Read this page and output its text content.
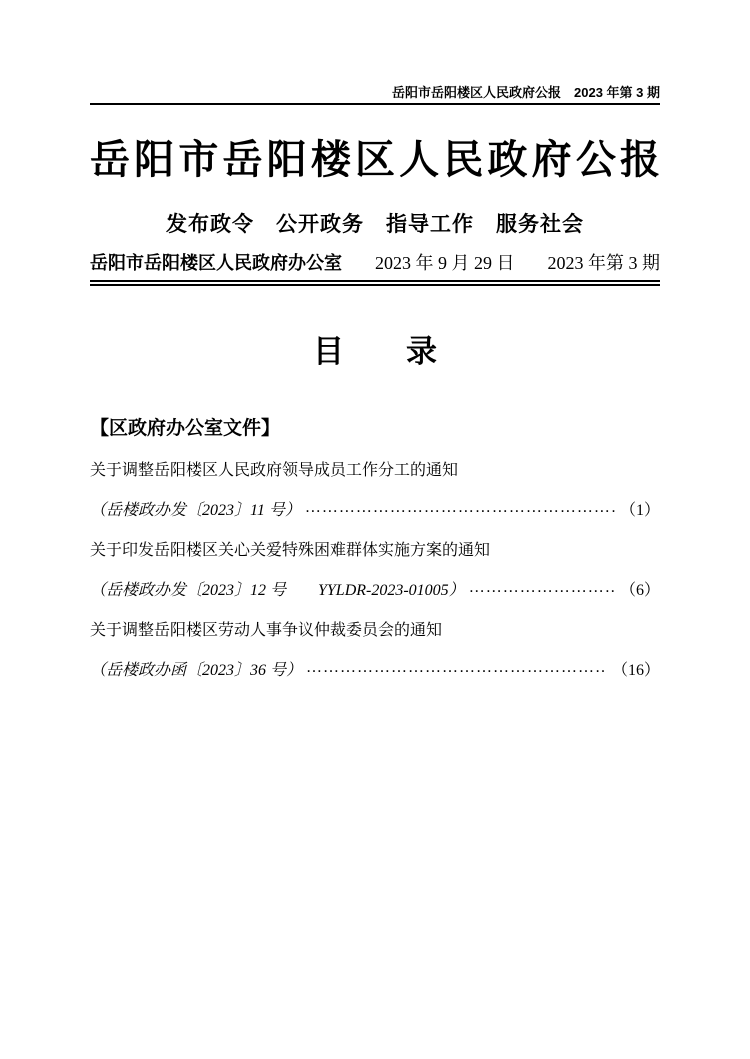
岳阳市岳阳楼区人民政府公报　2023 年第 3 期
岳阳市岳阳楼区人民政府公报
发布政令　公开政务　指导工作　服务社会
岳阳市岳阳楼区人民政府办公室 2023 年 9 月 29 日 2023 年第 3 期
目　　录
【区政府办公室文件】
关于调整岳阳楼区人民政府领导成员工作分工的通知
（岳楼政办发〔2023〕11 号） ……………………………………………………………………………………………………	（1）
关于印发岳阳楼区关心关爱特殊困难群体实施方案的通知
（岳楼政办发〔2023〕12 号　　YYLDR-2023-01005） ……………………………………………………………………………………………………	（6）
关于调整岳阳楼区劳动人事争议仲裁委员会的通知
（岳楼政办函〔2023〕36 号） ……………………………………………………………………………………………………	（16）
